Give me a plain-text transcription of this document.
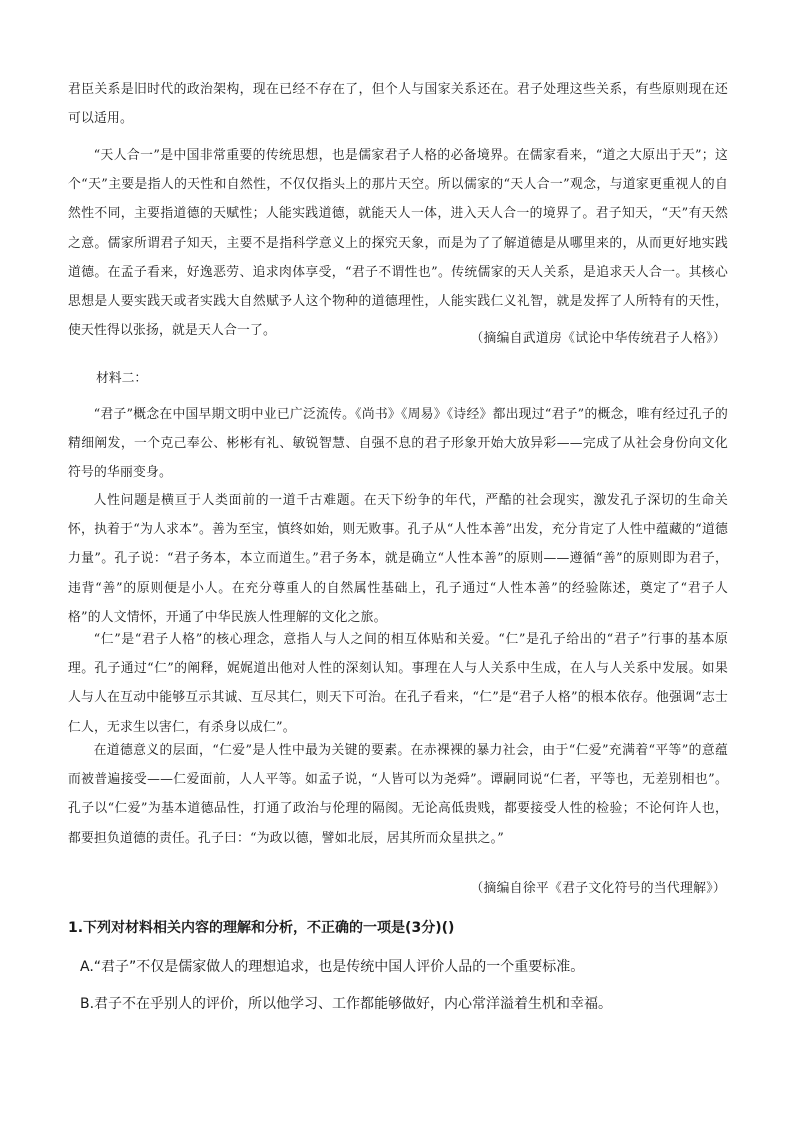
君臣关系是旧时代的政治架构，现在已经不存在了，但个人与国家关系还在。君子处理这些关系，有些原则现在还可以适用。

“天人合一”是中国非常重要的传统思想，也是儒家君子人格的必备境界。在儒家看来，“道之大原出于天”；这个“天”主要是指人的天性和自然性，不仅仅指头上的那片天空。所以儒家的“天人合一”观念，与道家更重视人的自然性不同，主要指道德的天赋性；人能实践道德，就能天人一体，进入天人合一的境界了。君子知天，“天”有天然之意。儒家所谓君子知天，主要不是指科学意义上的探究天象，而是为了了解道德是从哪里来的，从而更好地实践道德。在孟子看来，好逸恶劳、追求肉体享受，“君子不谓性也”。传统儒家的天人关系，是追求天人合一。其核心思想是人要实践天或者实践大自然赋予人这个物种的道德理性，人能实践仁义礼智，就是发挥了人所特有的天性，使天性得以张扬，就是天人合一了。

（摘编自武道房《试论中华传统君子人格》）

材料二：

“君子”概念在中国早期文明中业已广泛流传。《尚书》《周易》《诗经》都出现过“君子”的概念，唯有经过孔子的精细阐发，一个克己奉公、彬彬有礼、敏锐智慧、自强不息的君子形象开始大放异彩——完成了从社会身份向文化符号的华丽变身。

人性问题是横亘于人类面前的一道千古难题。在天下纷争的年代，严酷的社会现实，激发孔子深切的生命关怀，执着于“为人求本”。善为至宝，慎终如始，则无败事。孔子从“人性本善”出发，充分肯定了人性中蕴藏的“道德力量”。孔子说：“君子务本，本立而道生。”君子务本，就是确立“人性本善”的原则——遵循“善”的原则即为君子，违背“善”的原则便是小人。在充分尊重人的自然属性基础上，孔子通过“人性本善”的经验陈述，奠定了“君子人格”的人文情怀，开通了中华民族人性理解的文化之旅。

“仁”是“君子人格”的核心理念，意指人与人之间的相互体贴和关爱。“仁”是孔子给出的“君子”行事的基本原理。孔子通过“仁”的阐释，娓娓道出他对人性的深刻认知。事理在人与人关系中生成，在人与人关系中发展。如果人与人在互动中能够互示其诚、互尽其仁，则天下可治。在孔子看来，“仁”是“君子人格”的根本依存。他强调“志士仁人，无求生以害仁，有杀身以成仁”。

在道德意义的层面，“仁爱”是人性中最为关键的要素。在赤裸裸的暴力社会，由于“仁爱”充满着“平等”的意蕴而被普遍接受——仁爱面前，人人平等。如孟子说，“人皆可以为尧舜”。谭嗣同说“仁者，平等也，无差别相也”。孔子以“仁爱”为基本道德品性，打通了政治与伦理的隔阂。无论高低贵贱，都要接受人性的检验；不论何许人也，都要担负道德的责任。孔子曰：“为政以德，譬如北辰，居其所而众星拱之。”

（摘编自徐平《君子文化符号的当代理解》）

1.下列对材料相关内容的理解和分析，不正确的一项是(3分)()

A.“君子”不仅是儒家做人的理想追求，也是传统中国人评价人品的一个重要标准。

B.君子不在乎别人的评价，所以他学习、工作都能够做好，内心常洋溢着生机和幸福。
